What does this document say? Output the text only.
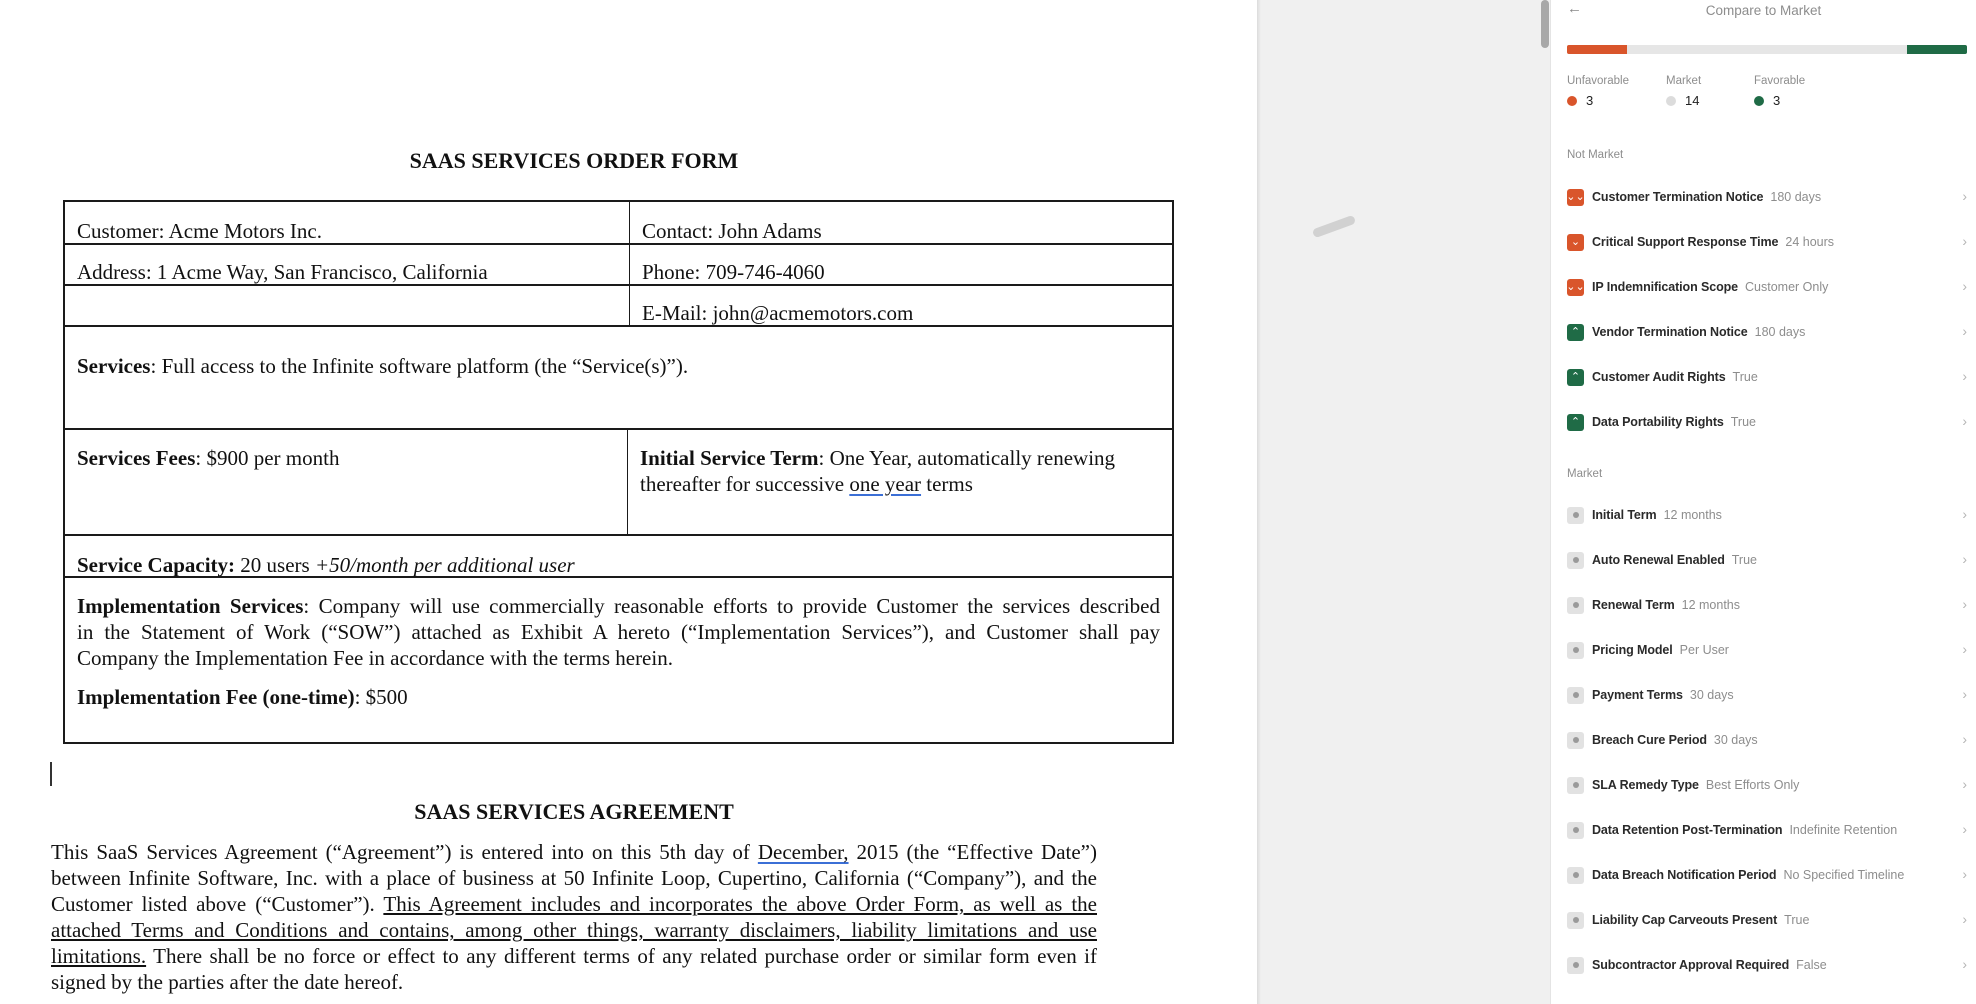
SAAS SERVICES ORDER FORM
Customer: Acme Motors Inc.	Contact: John Adams
Address: 1 Acme Way, San Francisco, California	Phone: 709-746-4060
E-Mail: john@acmemotors.com
Services: Full access to the Infinite software platform (the “Service(s)”).
Services Fees: $900 per month	Initial Service Term: One Year, automatically renewing
thereafter for successive one year terms
Service Capacity: 20 users +50/month per additional user
Implementation Services: Company will use commercially reasonable efforts to provide Customer the services described
in the Statement of Work (“SOW”) attached as Exhibit A hereto (“Implementation Services”), and Customer shall pay
Company the Implementation Fee in accordance with the terms herein.
Implementation Fee (one-time): $500
SAAS SERVICES AGREEMENT
This SaaS Services Agreement (“Agreement”) is entered into on this 5th day of December, 2015 (the “Effective Date”) between Infinite Software, Inc. with a place of business at 50 Infinite Loop, Cupertino, California (“Company”), and the Customer listed above (“Customer”). This Agreement includes and incorporates the above Order Form, as well as the attached Terms and Conditions and contains, among other things, warranty disclaimers, liability limitations and use limitations. There shall be no force or effect to any different terms of any related purchase order or similar form even if signed by the parties after the date hereof.
←	Compare to Market
Unfavorable
3
Market
14
Favorable
3
Not Market
Market
⌄⌄ Customer Termination Notice 180 days	›
⌄ Critical Support Response Time 24 hours	›
⌄⌄ IP Indemnification Scope Customer Only	›
⌃ Vendor Termination Notice 180 days	›
⌃ Customer Audit Rights True	›
⌃ Data Portability Rights True	›
Initial Term 12 months	›
Auto Renewal Enabled True	›
Renewal Term 12 months	›
Pricing Model Per User	›
Payment Terms 30 days	›
Breach Cure Period 30 days	›
SLA Remedy Type Best Efforts Only	›
Data Retention Post-Termination Indefinite Retention	›
Data Breach Notification Period No Specified Timeline	›
Liability Cap Carveouts Present True	›
Subcontractor Approval Required False	›
